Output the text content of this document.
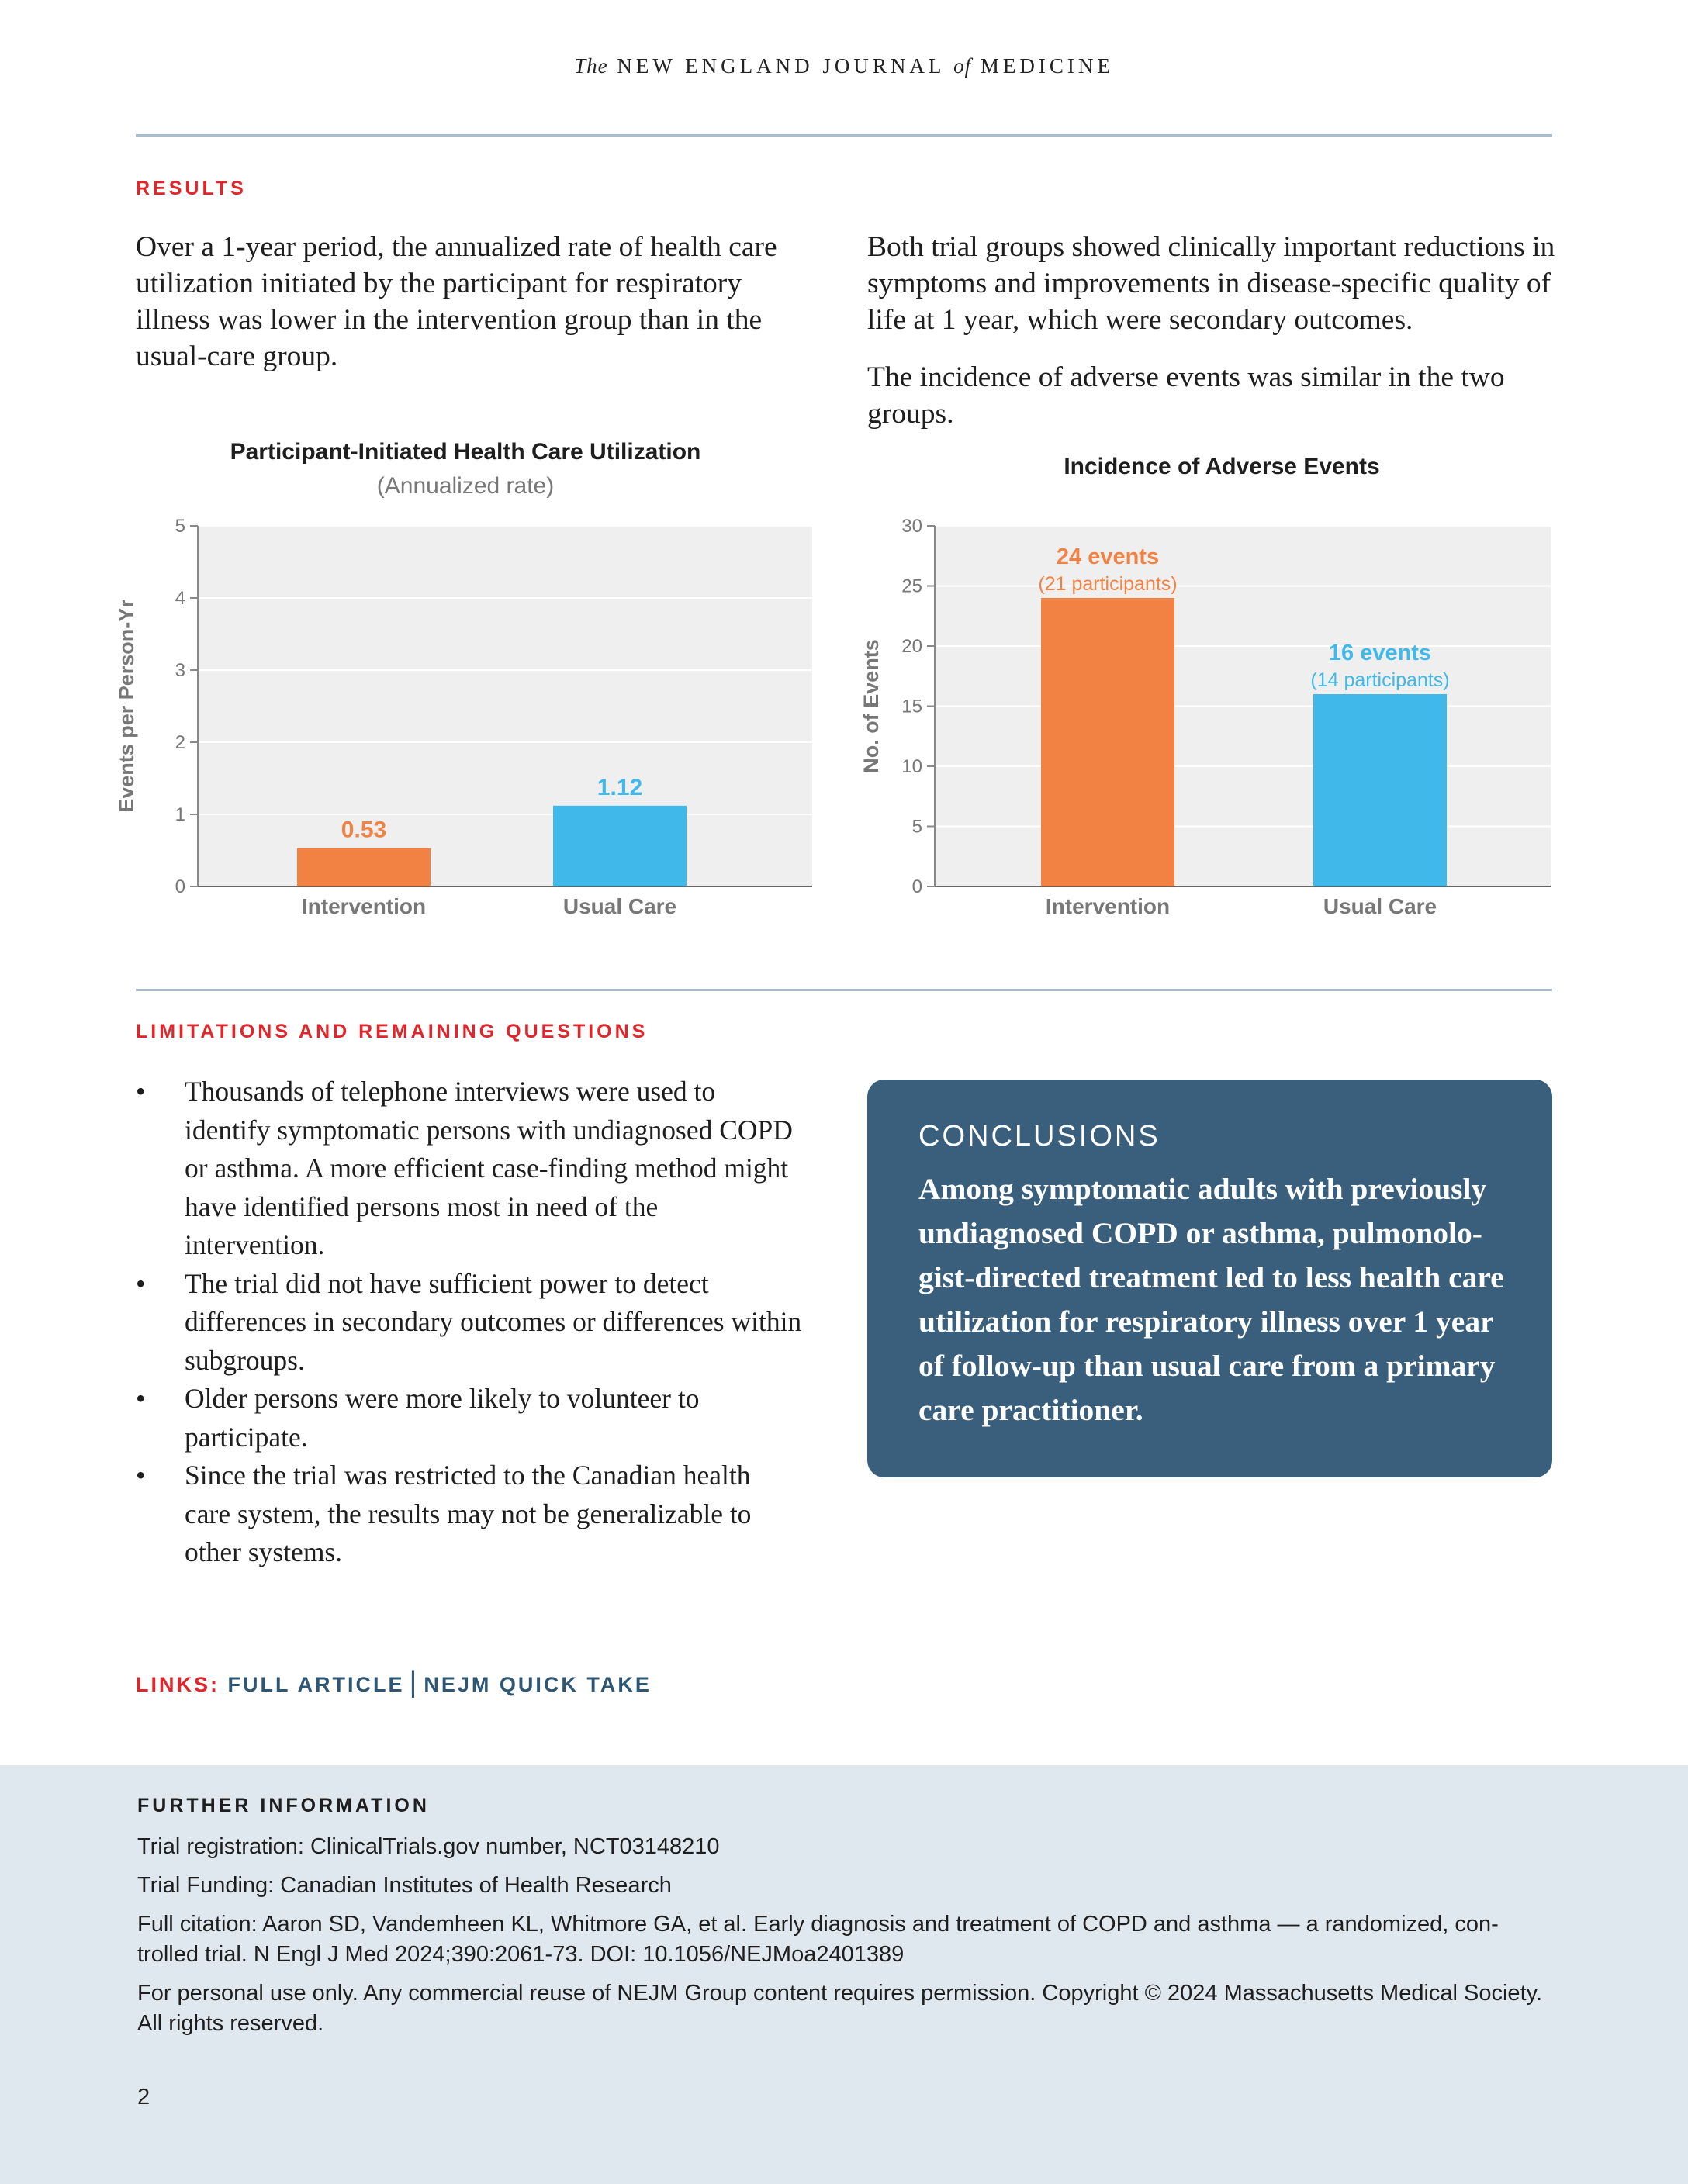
The NEW ENGLAND JOURNAL of MEDICINE
RESULTS

Over a 1-year period, the annualized rate of health care utilization initiated by the participant for respiratory illness was lower in the intervention group than in the usual-care group.

Both trial groups showed clinically important reductions in symptoms and improvements in disease-specific quality of life at 1 year, which were secondary outcomes.

The incidence of adverse events was similar in the two groups.

Participant-Initiated Health Care Utilization
(Annualized rate)
0
1
2
3
4
5
Events per Person-Yr
Intervention
0.53
Usual Care
1.12
Incidence of Adverse Events
0
5
10
15
20
25
30
No. of Events
Intervention
24 events
(21 participants)
Usual Care
16 events
(14 participants)
LIMITATIONS AND REMAINING QUESTIONS
• Thousands of telephone interviews were used to identify symptomatic persons with undiagnosed COPD or asthma. A more efficient case-finding method might have identified persons most in need of the intervention.
• The trial did not have sufficient power to detect differences in secondary outcomes or differences within subgroups.
• Older persons were more likely to volunteer to participate.
• Since the trial was restricted to the Canadian health care system, the results may not be generalizable to other systems.
CONCLUSIONS
Among symptomatic adults with previously undiagnosed COPD or asthma, pulmonolo-gist-directed treatment led to less health care utilization for respiratory illness over 1 year of follow-up than usual care from a primary care practitioner.
LINKS: FULL ARTICLE | NEJM QUICK TAKE
FURTHER INFORMATION

Trial registration: ClinicalTrials.gov number, NCT03148210

Trial Funding: Canadian Institutes of Health Research

Full citation: Aaron SD, Vandemheen KL, Whitmore GA, et al. Early diagnosis and treatment of COPD and asthma — a randomized, con-trolled trial. N Engl J Med 2024;390:2061-73. DOI: 10.1056/NEJMoa2401389

For personal use only. Any commercial reuse of NEJM Group content requires permission. Copyright © 2024 Massachusetts Medical Society. All rights reserved.

2
